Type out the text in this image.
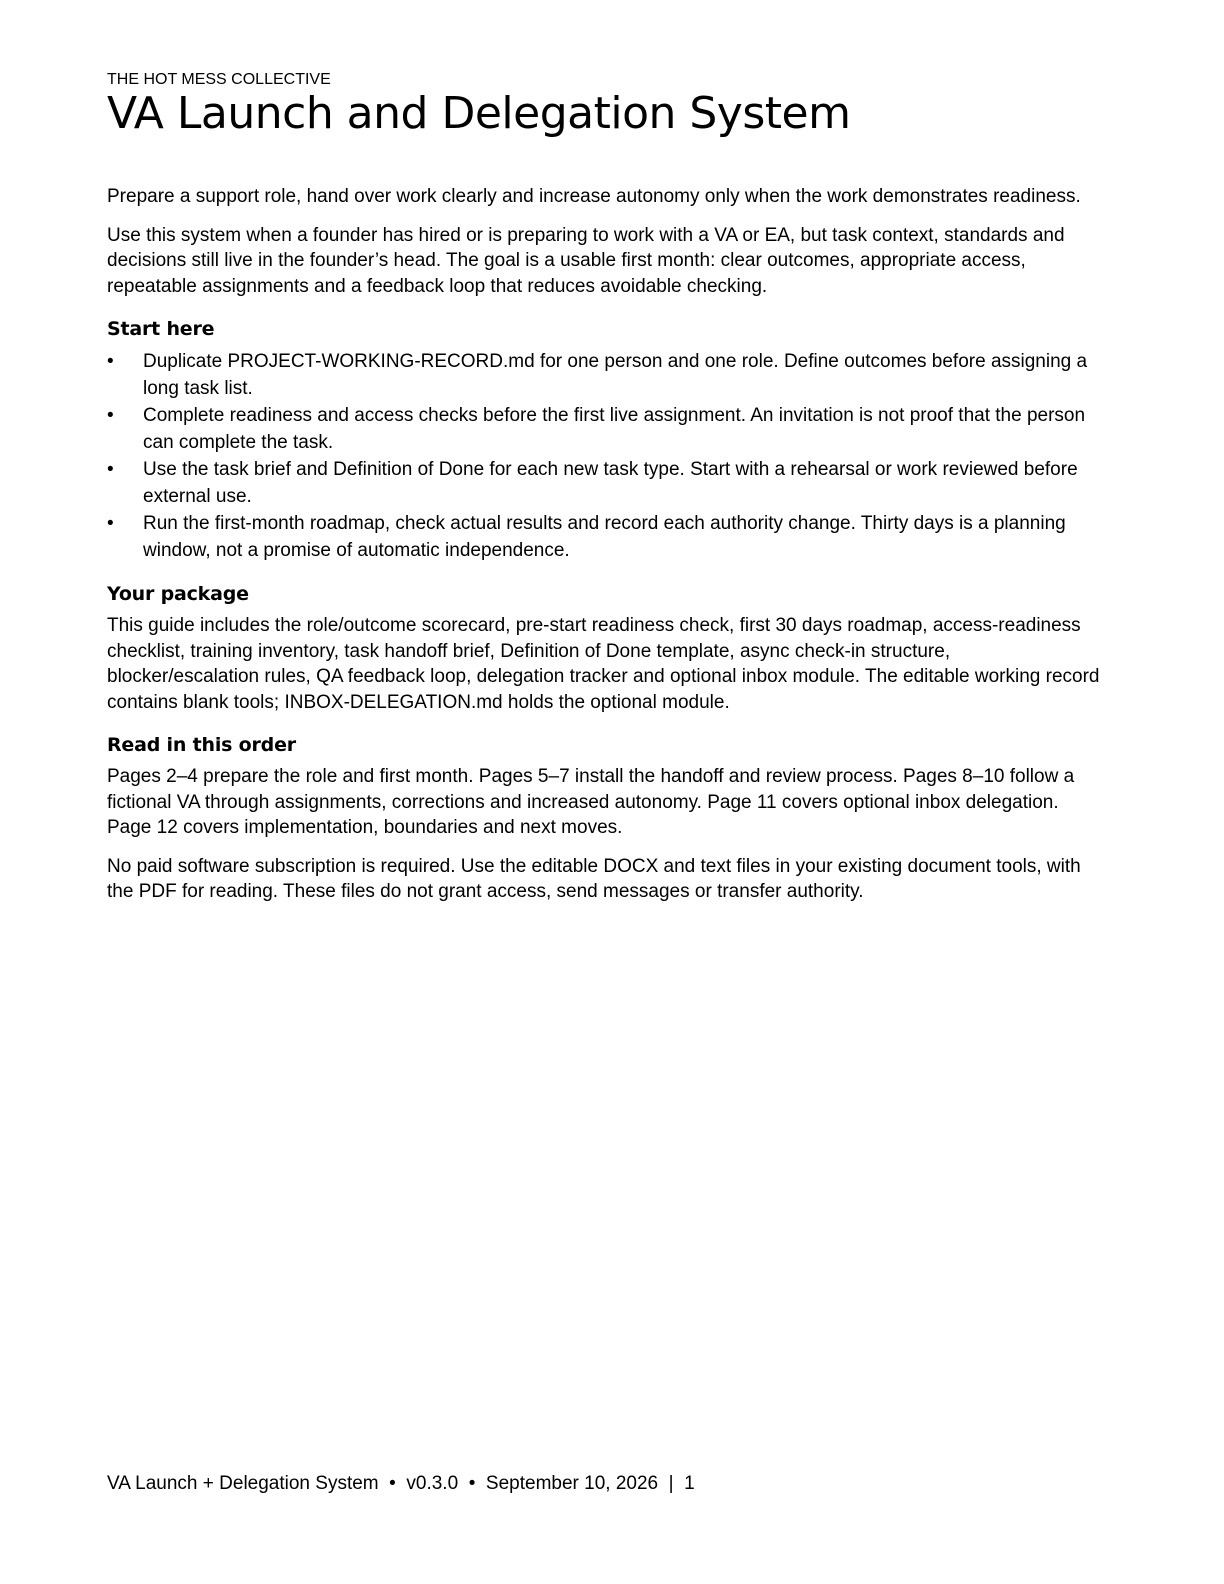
THE HOT MESS COLLECTIVE
VA Launch and Delegation System

Prepare a support role, hand over work clearly and increase autonomy only when the work demonstrates readiness.

Use this system when a founder has hired or is preparing to work with a VA or EA, but task context, standards and decisions still live in the founder’s head. The goal is a usable first month: clear outcomes, appropriate access, repeatable assignments and a feedback loop that reduces avoidable checking.

Start here
• Duplicate PROJECT-WORKING-RECORD.md for one person and one role. Define outcomes before assigning a long task list.
• Complete readiness and access checks before the first live assignment. An invitation is not proof that the person can complete the task.
• Use the task brief and Definition of Done for each new task type. Start with a rehearsal or work reviewed before external use.
• Run the first-month roadmap, check actual results and record each authority change. Thirty days is a planning window, not a promise of automatic independence.
Your package

This guide includes the role/outcome scorecard, pre-start readiness check, first 30 days roadmap, access-readiness checklist, training inventory, task handoff brief, Definition of Done template, async check-in structure, blocker/escalation rules, QA feedback loop, delegation tracker and optional inbox module. The editable working record contains blank tools; INBOX-DELEGATION.md holds the optional module.

Read in this order

Pages 2–4 prepare the role and first month. Pages 5–7 install the handoff and review process. Pages 8–10 follow a fictional VA through assignments, corrections and increased autonomy. Page 11 covers optional inbox delegation. Page 12 covers implementation, boundaries and next moves.

No paid software subscription is required. Use the editable DOCX and text files in your existing document tools, with the PDF for reading. These files do not grant access, send messages or transfer authority.

VA Launch + Delegation System  •  v0.3.0  •  September 10, 2026  |  1
